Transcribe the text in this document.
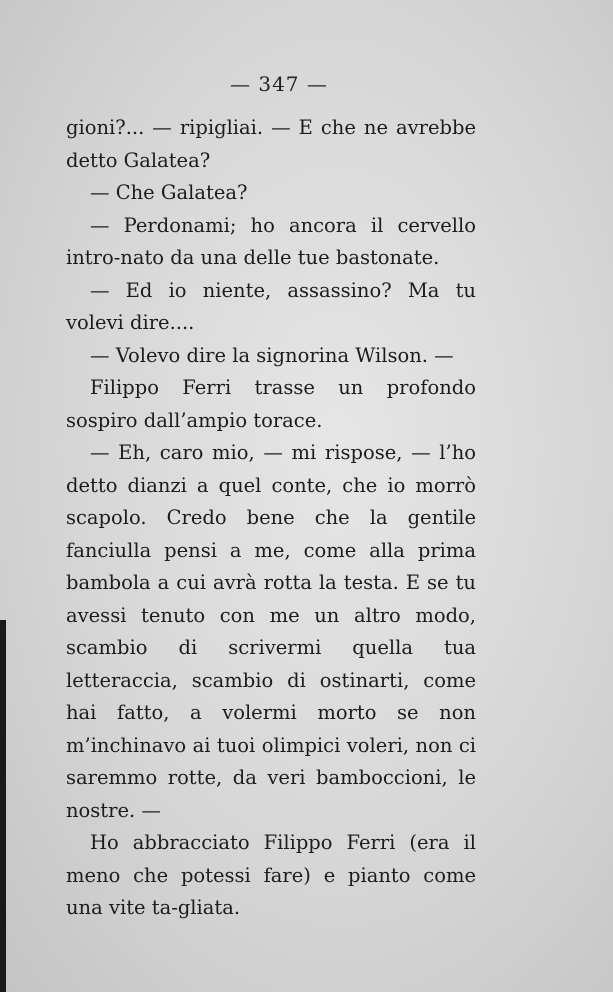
— 347 —

gioni?... — ripigliai. — E che ne avrebbe detto Galatea?

— Che Galatea?

— Perdonami; ho ancora il cervello intro-nato da una delle tue bastonate.

— Ed io niente, assassino? Ma tu volevi dire....

— Volevo dire la signorina Wilson. —

Filippo Ferri trasse un profondo sospiro dall’ampio torace.

— Eh, caro mio, — mi rispose, — l’ho detto dianzi a quel conte, che io morrò scapolo. Credo bene che la gentile fanciulla pensi a me, come alla prima bambola a cui avrà rotta la testa. E se tu avessi tenuto con me un altro modo, scambio di scrivermi quella tua letteraccia, scambio di ostinarti, come hai fatto, a volermi morto se non m’inchinavo ai tuoi olimpici voleri, non ci saremmo rotte, da veri bamboccioni, le nostre. —

Ho abbracciato Filippo Ferri (era il meno che potessi fare) e pianto come una vite ta-gliata.
